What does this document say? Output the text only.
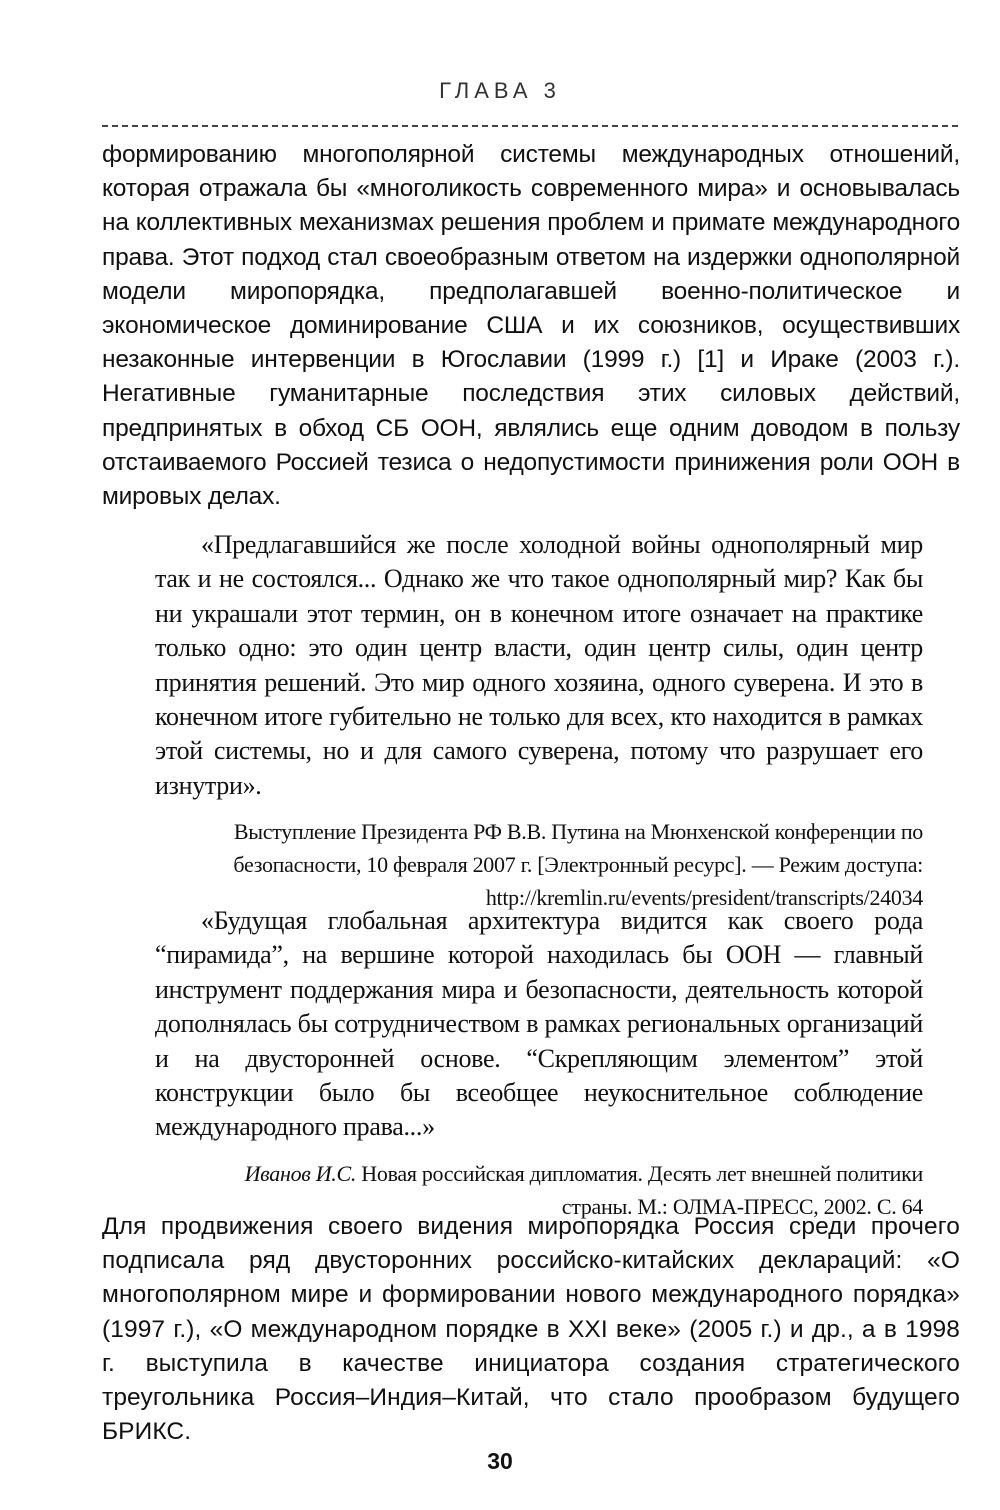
ГЛАВА 3

формированию многополярной системы международных отношений, которая отражала бы «многоликость современного мира» и основывалась на коллективных механизмах решения проблем и примате международного права. Этот подход стал своеобразным ответом на издержки однополярной модели миропорядка, предполагавшей военно-политическое и экономическое доминирование США и их союзников, осуществивших незаконные интервенции в Югославии (1999 г.) [1] и Ираке (2003 г.). Негативные гуманитарные последствия этих силовых действий, предпринятых в обход СБ ООН, являлись еще одним доводом в пользу отстаиваемого Россией тезиса о недопустимости принижения роли ООН в мировых делах.

«Предлагавшийся же после холодной войны однополярный мир так и не состоялся... Однако же что такое однополярный мир? Как бы ни украшали этот термин, он в конечном итоге означает на практике только одно: это один центр власти, один центр силы, один центр принятия решений. Это мир одного хозяина, одного суверена. И это в конечном итоге губительно не только для всех, кто находится в рамках этой системы, но и для самого суверена, потому что разрушает его изнутри».

Выступление Президента РФ В.В. Путина на Мюнхенской конференции по безопасности, 10 февраля 2007 г. [Электронный ресурс]. — Режим доступа: http://kremlin.ru/events/president/transcripts/24034

«Будущая глобальная архитектура видится как своего рода “пирамида”, на вершине которой находилась бы ООН — главный инструмент поддержания мира и безопасности, деятельность которой дополнялась бы сотрудничеством в рамках региональных организаций и на двусторонней основе. “Скрепляющим элементом” этой конструкции было бы всеобщее неукоснительное соблюдение международного права...»

Иванов И.С. Новая российская дипломатия. Десять лет внешней политики страны. М.: ОЛМА-ПРЕСС, 2002. С. 64

Для продвижения своего видения миропорядка Россия среди прочего подписала ряд двусторонних российско-китайских деклараций: «О многополярном мире и формировании нового международного порядка» (1997 г.), «О международном порядке в XXI веке» (2005 г.) и др., а в 1998 г. выступила в качестве инициатора создания стратегического треугольника Россия–Индия–Китай, что стало прообразом будущего БРИКС.

30
